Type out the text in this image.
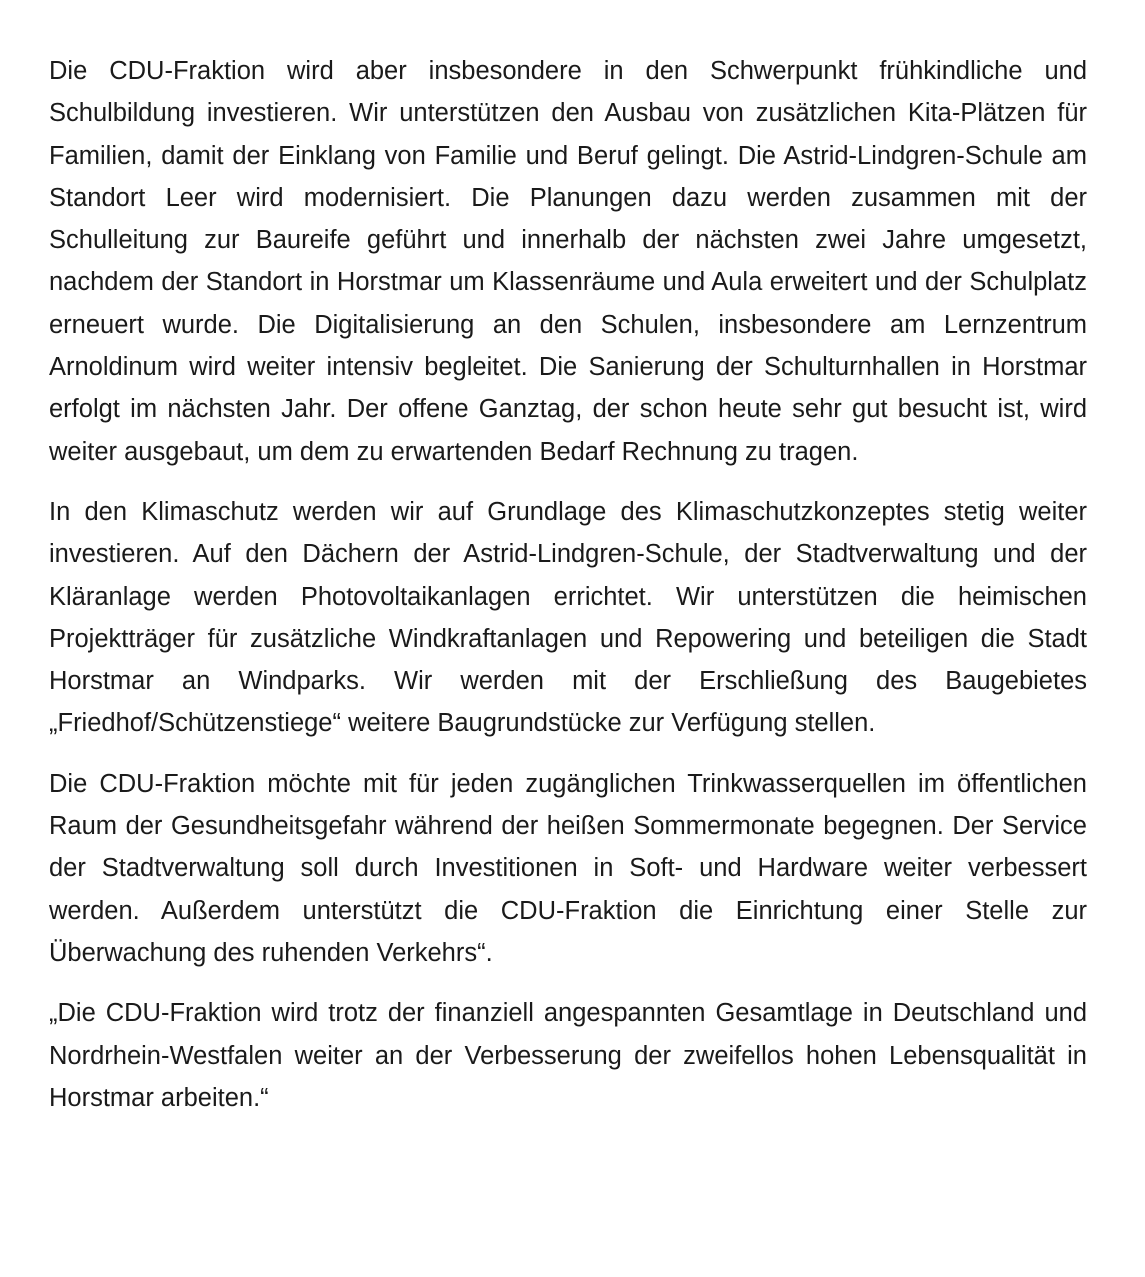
Die CDU-Fraktion wird aber insbesondere in den Schwerpunkt frühkindliche und Schulbildung investieren. Wir unterstützen den Ausbau von zusätzlichen Kita-Plätzen für Familien, damit der Einklang von Familie und Beruf gelingt. Die Astrid-Lindgren-Schule am Standort Leer wird modernisiert. Die Planungen dazu werden zusammen mit der Schulleitung zur Baureife geführt und innerhalb der nächsten zwei Jahre umgesetzt, nachdem der Standort in Horstmar um Klassenräume und Aula erweitert und der Schulplatz erneuert wurde. Die Digitalisierung an den Schulen, insbesondere am Lernzentrum Arnoldinum wird weiter intensiv begleitet. Die Sanierung der Schulturnhallen in Horstmar erfolgt im nächsten Jahr. Der offene Ganztag, der schon heute sehr gut besucht ist, wird weiter ausgebaut, um dem zu erwartenden Bedarf Rechnung zu tragen.

In den Klimaschutz werden wir auf Grundlage des Klimaschutzkonzeptes stetig weiter investieren. Auf den Dächern der Astrid-Lindgren-Schule, der Stadtverwaltung und der Kläranlage werden Photovoltaikanlagen errichtet. Wir unterstützen die heimischen Projektträger für zusätzliche Windkraftanlagen und Repowering und beteiligen die Stadt Horstmar an Windparks. Wir werden mit der Erschließung des Baugebietes „Friedhof/Schützenstiege“ weitere Baugrundstücke zur Verfügung stellen.

Die CDU-Fraktion möchte mit für jeden zugänglichen Trinkwasserquellen im öffentlichen Raum der Gesundheitsgefahr während der heißen Sommermonate begegnen. Der Service der Stadtverwaltung soll durch Investitionen in Soft- und Hardware weiter verbessert werden. Außerdem unterstützt die CDU-Fraktion die Einrichtung einer Stelle zur Überwachung des ruhenden Verkehrs“.

„Die CDU-Fraktion wird trotz der finanziell angespannten Gesamtlage in Deutschland und Nordrhein-Westfalen weiter an der Verbesserung der zweifellos hohen Lebensqualität in Horstmar arbeiten.“
